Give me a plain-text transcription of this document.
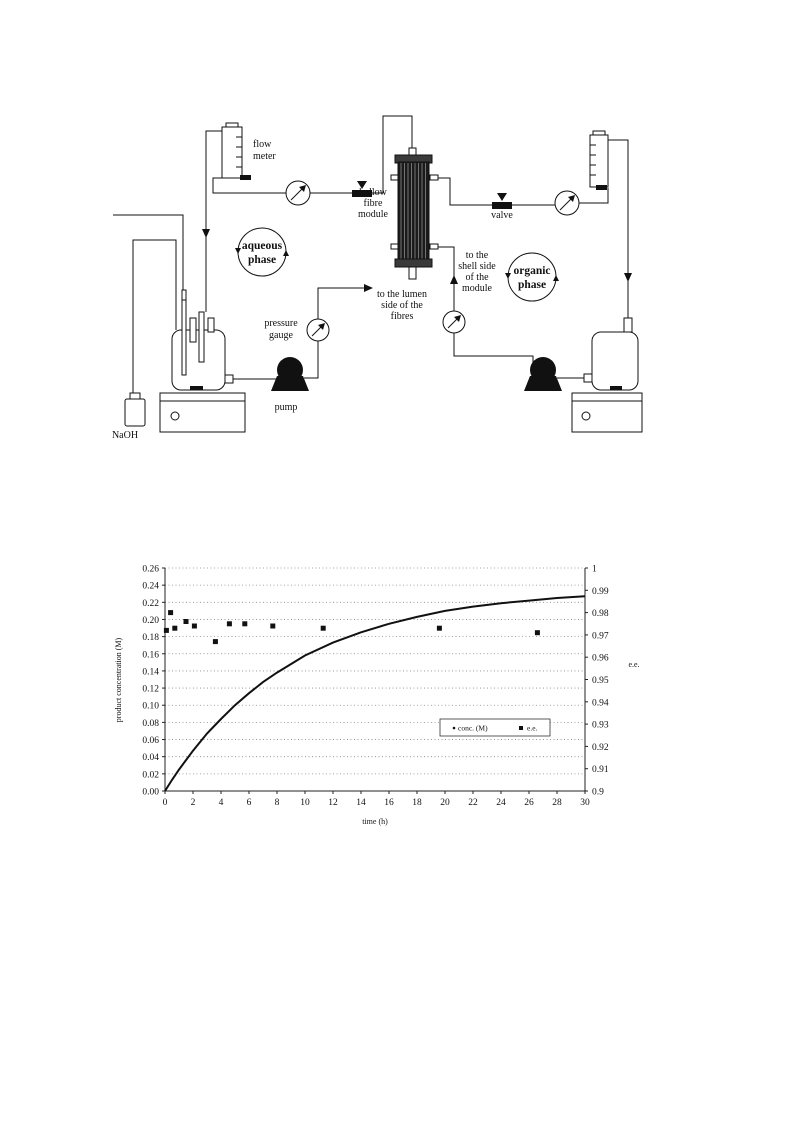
aqueous
phase
organic
phase
flow
meter
hollow
fibre
module	valve
to the
shell side
of the
module
to the lumen
side of the
fibres
pressure
gauge
pump
NaOH
product concentration (M)	e.e.
time (h)
0.00
0.02
0.04
0.06
0.08
0.10
0.12
0.14
0.16
0.18
0.20
0.22
0.24
0.26
0.9
0.91
0.92
0.93
0.94
0.95
0.96
0.97
0.98
0.99
1
0 2 4 6 8 10 12 14 16 18 20 22 24 26 28 30
conc. (M)	e.e.
